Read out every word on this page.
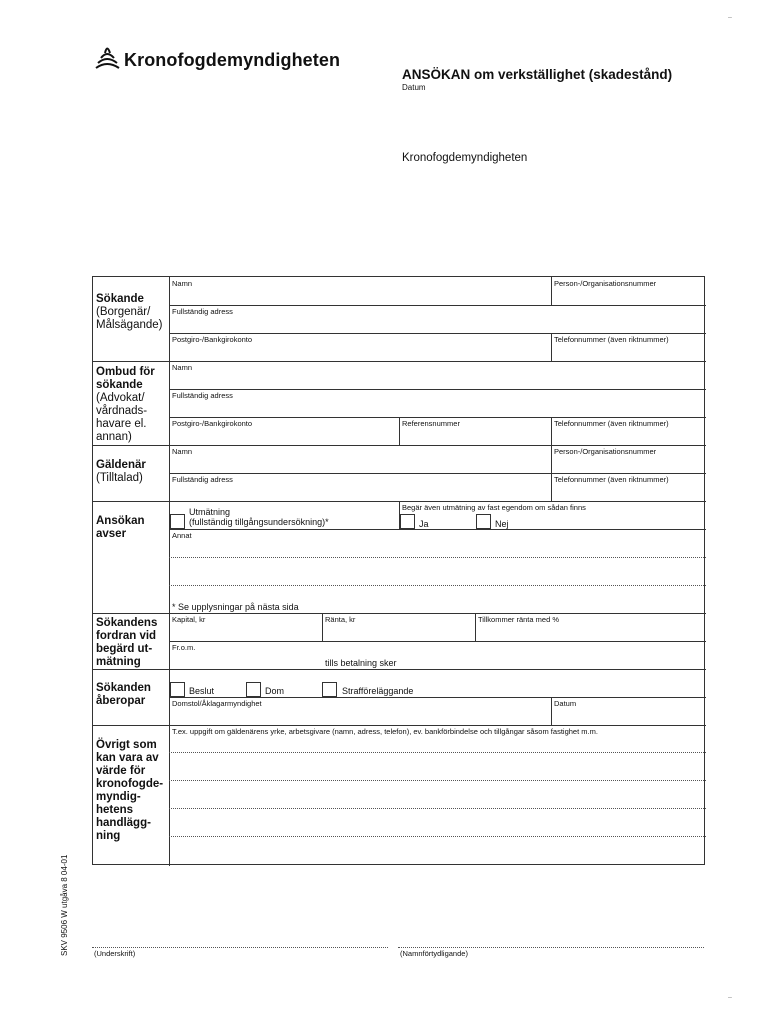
Kronofogdemyndigheten
ANSÖKAN om verkställighet (skadestånd)
Datum
Kronofogdemyndigheten
–
–
Sökande
(Borgenär/
Målsägande)
Namn	Person-/Organisationsnummer
Fullständig adress
Postgiro-/Bankgirokonto	Telefonnummer (även riktnummer)
Ombud för
sökande
(Advokat/
vårdnads-
havare el.
annan)
Namn
Fullständig adress
Postgiro-/Bankgirokonto	Referensnummer	Telefonnummer (även riktnummer)
Gäldenär
(Tilltalad)
Namn	Person-/Organisationsnummer
Fullständig adress	Telefonnummer (även riktnummer)
Ansökan
avser
Utmätning
(fullständig tillgångsundersökning)*
Begär även utmätning av fast egendom om sådan finns
Ja	Nej
Annat
* Se upplysningar på nästa sida
Sökandens
fordran vid
begärd ut-
mätning
Kapital, kr	Ränta, kr	Tillkommer ränta med %
Fr.o.m.
tills betalning sker
Sökanden
åberopar
Beslut	Dom	Strafföreläggande
Domstol/Åklagarmyndighet	Datum
Övrigt som
kan vara av
värde för
kronofogde-
myndig-
hetens
handlägg-
ning
T.ex. uppgift om gäldenärens yrke, arbetsgivare (namn, adress, telefon), ev. bankförbindelse och tillgångar såsom fastighet m.m.
SKV 9506 W utgåva 8 04-01	(Underskrift)	(Namnförtydligande)
